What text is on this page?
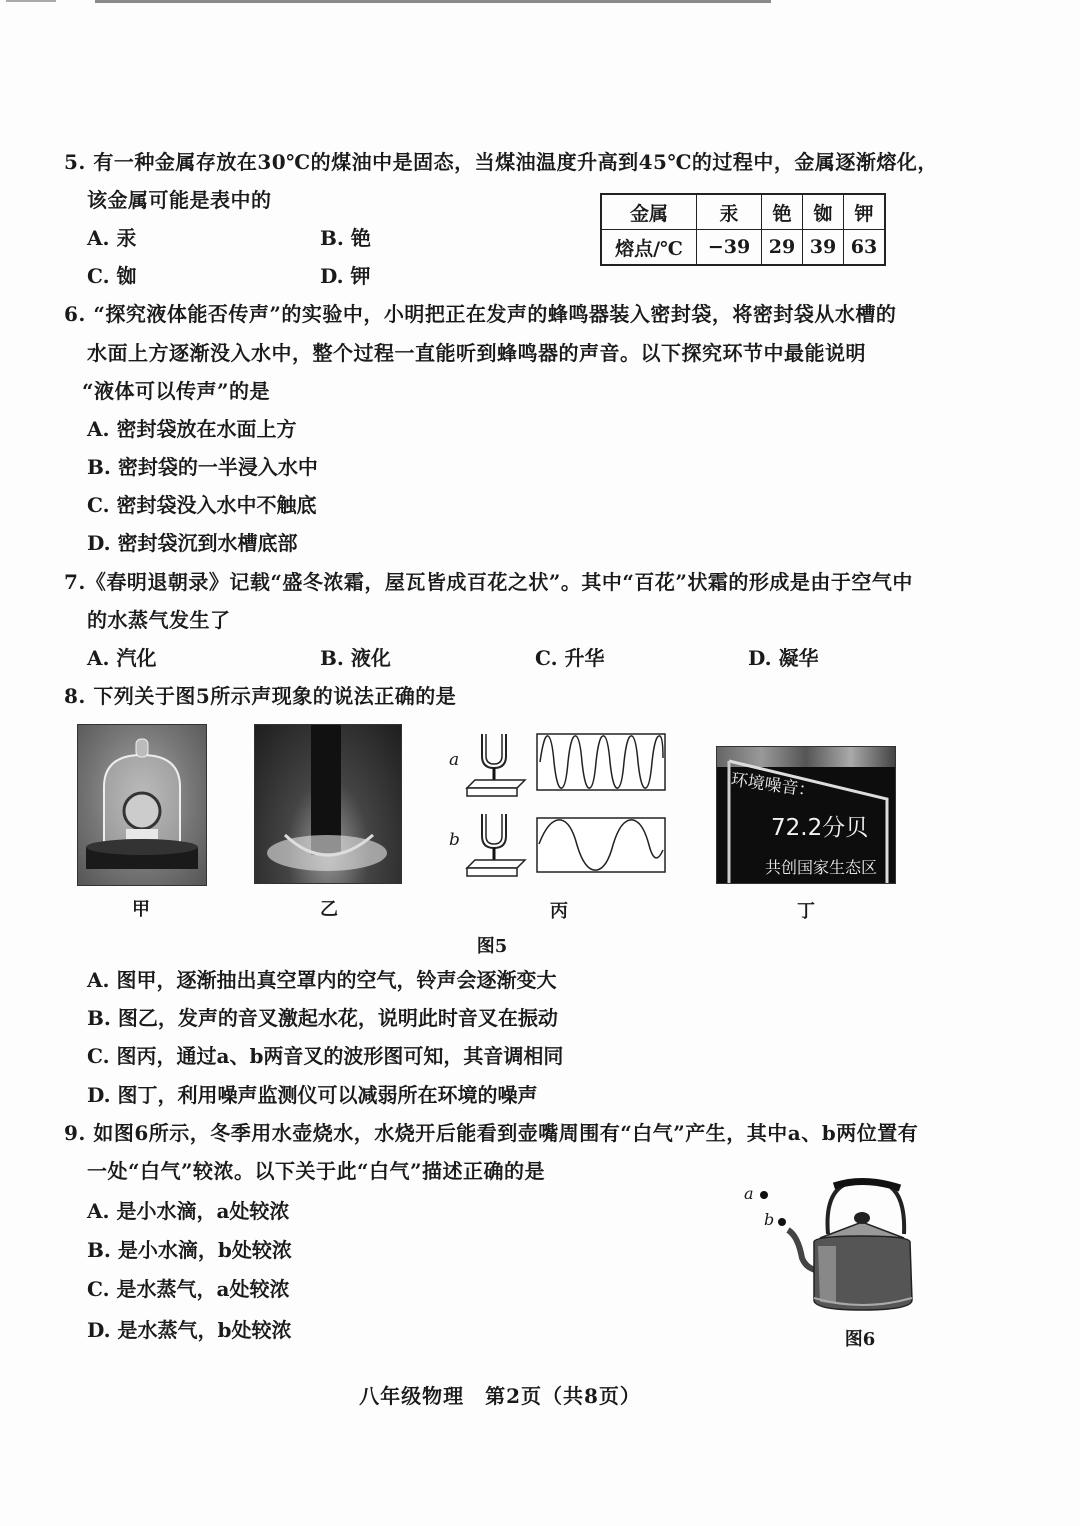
5. 有一种金属存放在30℃的煤油中是固态，当煤油温度升高到45℃的过程中，金属逐渐熔化，
该金属可能是表中的
A. 汞	B. 铯
C. 铷	D. 钾
金属	汞	铯	铷	钾
熔点/℃	−39	29	39	63
6. “探究液体能否传声”的实验中，小明把正在发声的蜂鸣器装入密封袋，将密封袋从水槽的
水面上方逐渐没入水中，整个过程一直能听到蜂鸣器的声音。以下探究环节中最能说明
“液体可以传声”的是
A. 密封袋放在水面上方
B. 密封袋的一半浸入水中
C. 密封袋没入水中不触底
D. 密封袋沉到水槽底部
7.《春明退朝录》记载“盛冬浓霜，屋瓦皆成百花之状”。其中“百花”状霜的形成是由于空气中
的水蒸气发生了
A. 汽化	B. 液化	C. 升华	D. 凝华
8. 下列关于图5所示声现象的说法正确的是
甲	乙
a
b
丙
环境噪音：
72.2分贝
共创国家生态区
丁
图5
A. 图甲，逐渐抽出真空罩内的空气，铃声会逐渐变大
B. 图乙，发声的音叉激起水花，说明此时音叉在振动
C. 图丙，通过a、b两音叉的波形图可知，其音调相同
D. 图丁，利用噪声监测仪可以减弱所在环境的噪声
9. 如图6所示，冬季用水壶烧水，水烧开后能看到壶嘴周围有“白气”产生，其中a、b两位置有
一处“白气”较浓。以下关于此“白气”描述正确的是
A. 是小水滴，a处较浓
B. 是小水滴，b处较浓
C. 是水蒸气，a处较浓
D. 是水蒸气，b处较浓
a
b
图6
八年级物理　第2页（共8页）
